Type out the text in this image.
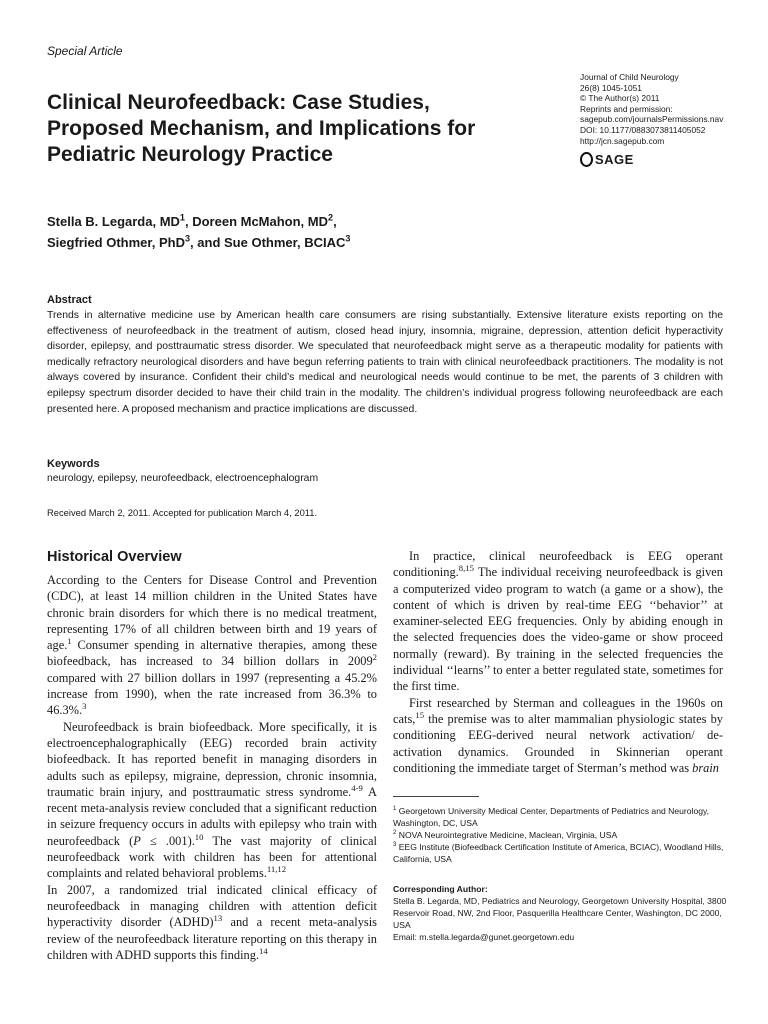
Special Article
Clinical Neurofeedback: Case Studies, Proposed Mechanism, and Implications for Pediatric Neurology Practice
Journal of Child Neurology
26(8) 1045-1051
© The Author(s) 2011
Reprints and permission:
sagepub.com/journalsPermissions.nav
DOI: 10.1177/0883073811405052
http://jcn.sagepub.com
SAGE
Stella B. Legarda, $MD^1$, Doreen McMahon, $MD^2$,
Siegfried Othmer, PhD$^3$, and Sue Othmer, BCIAC$^3$
Abstract

Trends in alternative medicine use by American health care consumers are rising substantially. Extensive literature exists reporting on the effectiveness of neurofeedback in the treatment of autism, closed head injury, insomnia, migraine, depression, attention deficit hyperactivity disorder, epilepsy, and posttraumatic stress disorder. We speculated that neurofeedback might serve as a therapeutic modality for patients with medically refractory neurological disorders and have begun referring patients to train with clinical neurofeedback practitioners. The modality is not always covered by insurance. Confident their child’s medical and neurological needs would continue to be met, the parents of 3 children with epilepsy spectrum disorder decided to have their child train in the modality. The children’s individual progress following neurofeedback are each presented here. A proposed mechanism and practice implications are discussed.

Keywords
neurology, epilepsy, neurofeedback, electroencephalogram
Received March 2, 2011. Accepted for publication March 4, 2011.
Historical Overview

According to the Centers for Disease Control and Prevention (CDC), at least 14 million children in the United States have chronic brain disorders for which there is no medical treatment, representing 17% of all children between birth and 19 years of age.$^1$ Consumer spending in alternative therapies, among these biofeedback, has increased to 34 billion dollars in 2009$^2$ compared with 27 billion dollars in 1997 (representing a 45.2% increase from 1990), when the rate increased from 36.3% to 46.3%.$^3$

Neurofeedback is brain biofeedback. More specifically, it is electroencephalographically (EEG) recorded brain activity biofeedback. It has reported benefit in managing disorders in adults such as epilepsy, migraine, depression, chronic insomnia, traumatic brain injury, and posttraumatic stress syndrome.$^{4-9}$ A recent meta-analysis review concluded that a significant reduction in seizure frequency occurs in adults with epilepsy who train with neurofeedback (P ≤ .001).$^{10}$ The vast majority of clinical neurofeedback work with children has been for attentional complaints and related behavioral problems.$^{11,12}$

In 2007, a randomized trial indicated clinical efficacy of neurofeedback in managing children with attention deficit hyperactivity disorder (ADHD)$^{13}$ and a recent meta-analysis review of the neurofeedback literature reporting on this therapy in children with ADHD supports this finding.$^{14}$

In practice, clinical neurofeedback is EEG operant conditioning.$^{8,15}$ The individual receiving neurofeedback is given a computerized video program to watch (a game or a show), the content of which is driven by real-time EEG ‘‘behavior’’ at examiner-selected EEG frequencies. Only by abiding enough in the selected frequencies does the video-game or show proceed normally (reward). By training in the selected frequencies the individual ‘‘learns’’ to enter a better regulated state, sometimes for the first time.

First researched by Sterman and colleagues in the 1960s on cats,$^{15}$ the premise was to alter mammalian physiologic states by conditioning EEG-derived neural network activation/ de-activation dynamics. Grounded in Skinnerian operant conditioning the immediate target of Sterman’s method was brain

$^1$ Georgetown University Medical Center, Departments of Pediatrics and Neurology, Washington, DC, USA

$^2$ NOVA Neurointegrative Medicine, Maclean, Virginia, USA

$^3$ EEG Institute (Biofeedback Certification Institute of America, BCIAC), Woodland Hills, California, USA

Corresponding Author:
Stella B. Legarda, MD, Pediatrics and Neurology, Georgetown University Hospital, 3800 Reservoir Road, NW, 2nd Floor, Pasquerilla Healthcare Center, Washington, DC 2000, USA
Email: m.stella.legarda@gunet.georgetown.edu
